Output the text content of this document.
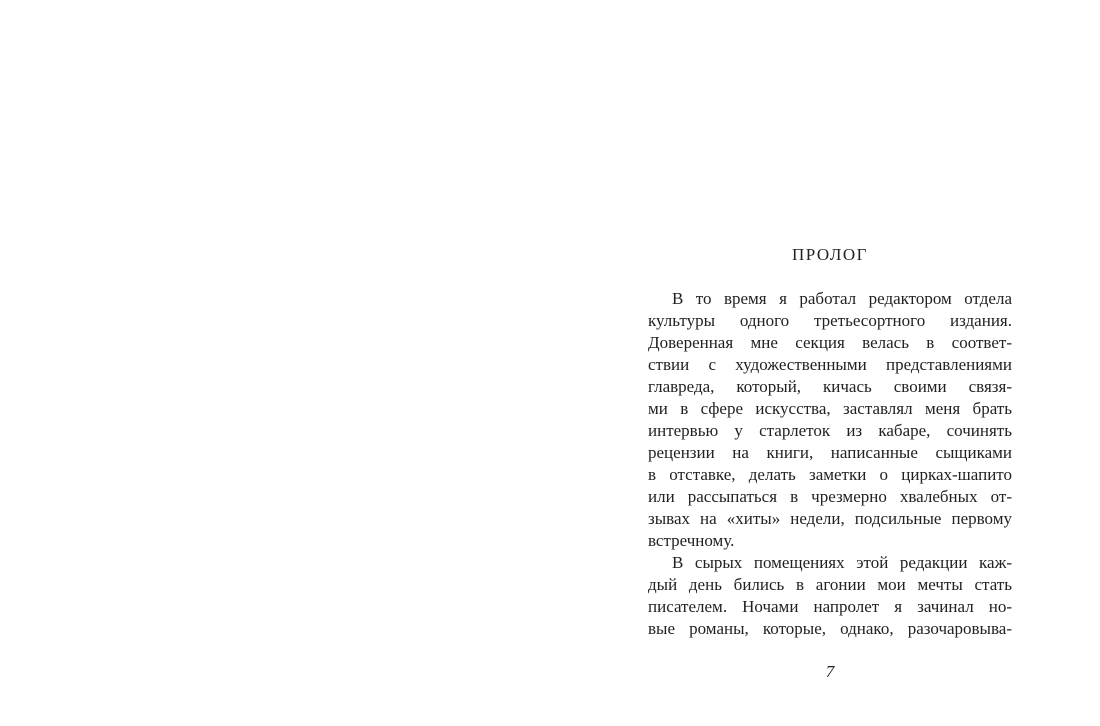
ПРОЛОГ
В то время я работал редактором отдела
культуры одного третьесортного издания.
Доверенная мне секция велась в соответ-
ствии с художественными представлениями
главреда, который, кичась своими связя-
ми в сфере искусства, заставлял меня брать
интервью у старлеток из кабаре, сочинять
рецензии на книги, написанные сыщиками
в отставке, делать заметки о цирках-шапито
или рассыпаться в чрезмерно хвалебных от-
зывах на «хиты» недели, подсильные первому
встречному.
В сырых помещениях этой редакции каж-
дый день бились в агонии мои мечты стать
писателем. Ночами напролет я зачинал но-
вые романы, которые, однако, разочаровыва-
7
